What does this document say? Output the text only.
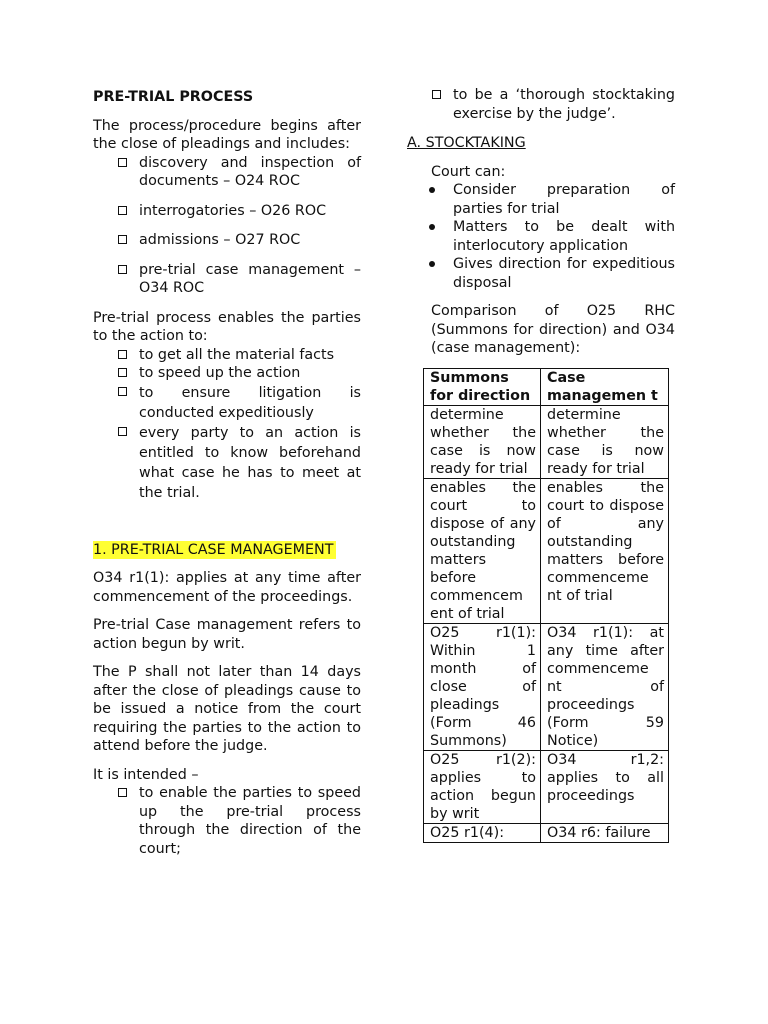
PRE-TRIAL PROCESS

The process/procedure begins after the close of pleadings and includes:

discovery and inspection of documents – O24 ROC
interrogatories – O26 ROC
admissions – O27 ROC
pre-trial case management – O34 ROC

Pre-trial process enables the parties to the action to:

to get all the material facts
to speed up the action
to ensure litigation is conducted expeditiously
every party to an action is entitled to know beforehand what case he has to meet at the trial.

1. PRE-TRIAL CASE MANAGEMENT

O34 r1(1): applies at any time after commencement of the proceedings.

Pre-trial Case management refers to action begun by writ.

The P shall not later than 14 days after the close of pleadings cause to be issued a notice from the court requiring the parties to the action to attend before the judge.

It is intended –

to enable the parties to speed up the pre-trial process through the direction of the court;
to be a ‘thorough stocktaking exercise by the judge’.

A. STOCKTAKING

Court can:

Consider preparation of parties for trial
Matters to be dealt with interlocutory application
Gives direction for expeditious disposal

Comparison of O25 RHC (Summons for direction) and O34 (case management):

Summons for direction	Case managemen t
determine whether the case is now ready for trial	determine whether the case is now ready for trial
enables the court to dispose of any outstanding matters before commencem ent of trial	enables the court to dispose of any outstanding matters before commenceme nt of trial
O25 r1(1): Within 1 month of close of pleadings (Form 46 Summons)	O34 r1(1): at any time after commenceme nt of proceedings (Form 59 Notice)
O25 r1(2): applies to action begun by writ	O34 r1,2: applies to all proceedings
O25 r1(4):	O34 r6: failure
